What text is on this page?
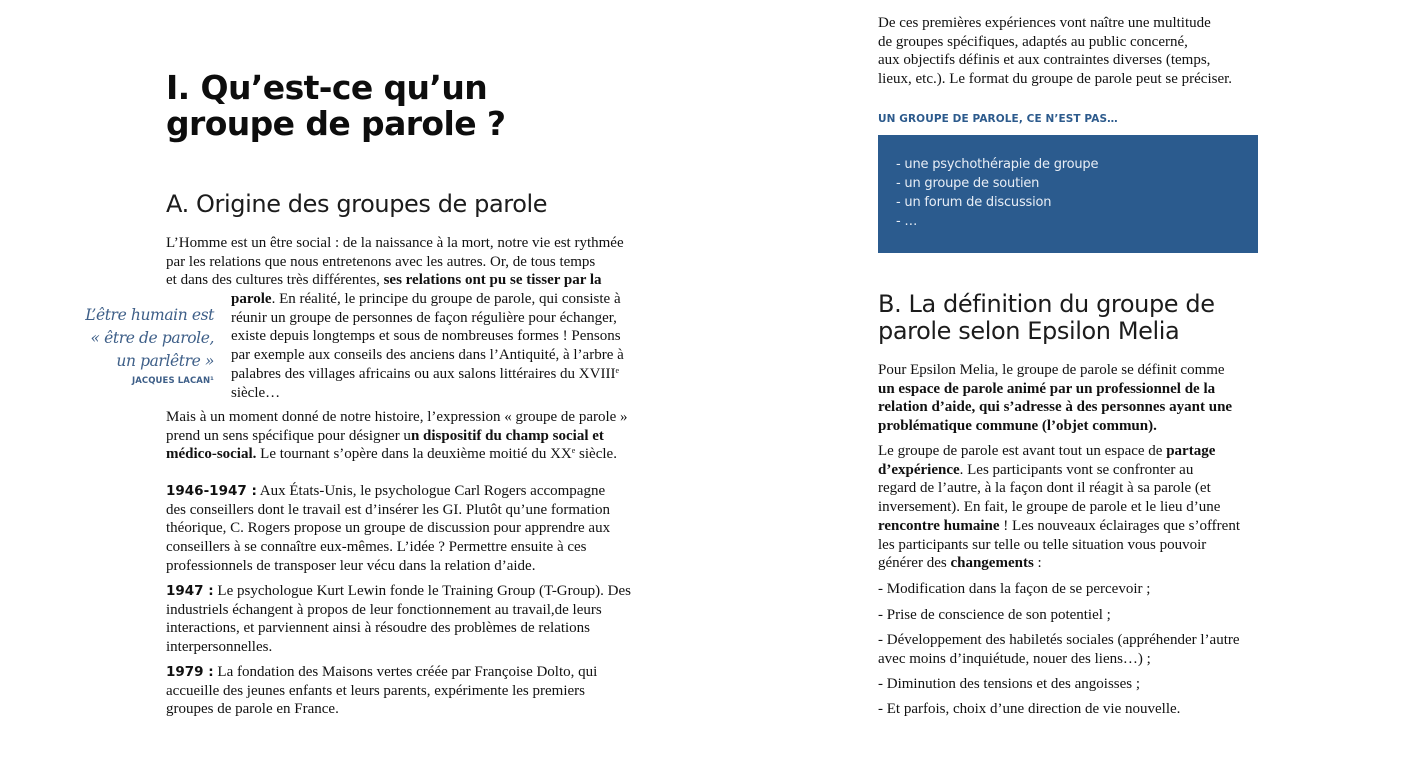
I. Qu’est-ce qu’un
groupe de parole ?
A. Origine des groupes de parole

L’Homme est un être social : de la naissance à la mort, notre vie est rythmée
par les relations que nous entretenons avec les autres. Or, de tous temps
et dans des cultures très différentes, ses relations ont pu se tisser par la

parole. En réalité, le principe du groupe de parole, qui consiste à
réunir un groupe de personnes de façon régulière pour échanger,
existe depuis longtemps et sous de nombreuses formes ! Pensons
par exemple aux conseils des anciens dans l’Antiquité, à l’arbre à
palabres des villages africains ou aux salons littéraires du XVIIIe
siècle…

L’être humain est
« être de parole,
un parlêtre »
JACQUES LACAN¹

Mais à un moment donné de notre histoire, l’expression « groupe de parole »
prend un sens spécifique pour désigner un dispositif du champ social et
médico-social. Le tournant s’opère dans la deuxième moitié du XXe siècle.

1946-1947 : Aux États-Unis, le psychologue Carl Rogers accompagne
des conseillers dont le travail est d’insérer les GI. Plutôt qu’une formation
théorique, C. Rogers propose un groupe de discussion pour apprendre aux
conseillers à se connaître eux-mêmes. L’idée ? Permettre ensuite à ces
professionnels de transposer leur vécu dans la relation d’aide.

1947 : Le psychologue Kurt Lewin fonde le Training Group (T-Group). Des
industriels échangent à propos de leur fonctionnement au travail,de leurs
interactions, et parviennent ainsi à résoudre des problèmes de relations
interpersonnelles.

1979 : La fondation des Maisons vertes créée par Françoise Dolto, qui
accueille des jeunes enfants et leurs parents, expérimente les premiers
groupes de parole en France.

De ces premières expériences vont naître une multitude
de groupes spécifiques, adaptés au public concerné,
aux objectifs définis et aux contraintes diverses (temps,
lieux, etc.). Le format du groupe de parole peut se préciser.

UN GROUPE DE PAROLE, CE N’EST PAS…
- une psychothérapie de groupe
- un groupe de soutien
- un forum de discussion
- …
B. La définition du groupe de
parole selon Epsilon Melia

Pour Epsilon Melia, le groupe de parole se définit comme
un espace de parole animé par un professionnel de la
relation d’aide, qui s’adresse à des personnes ayant une
problématique commune (l’objet commun).

Le groupe de parole est avant tout un espace de partage
d’expérience. Les participants vont se confronter au
regard de l’autre, à la façon dont il réagit à sa parole (et
inversement). En fait, le groupe de parole et le lieu d’une
rencontre humaine ! Les nouveaux éclairages que s’offrent
les participants sur telle ou telle situation vous pouvoir
générer des changements :

- Modification dans la façon de se percevoir ;

- Prise de conscience de son potentiel ;

- Développement des habiletés sociales (appréhender l’autre
avec moins d’inquiétude, nouer des liens…) ;

- Diminution des tensions et des angoisses ;

- Et parfois, choix d’une direction de vie nouvelle.
